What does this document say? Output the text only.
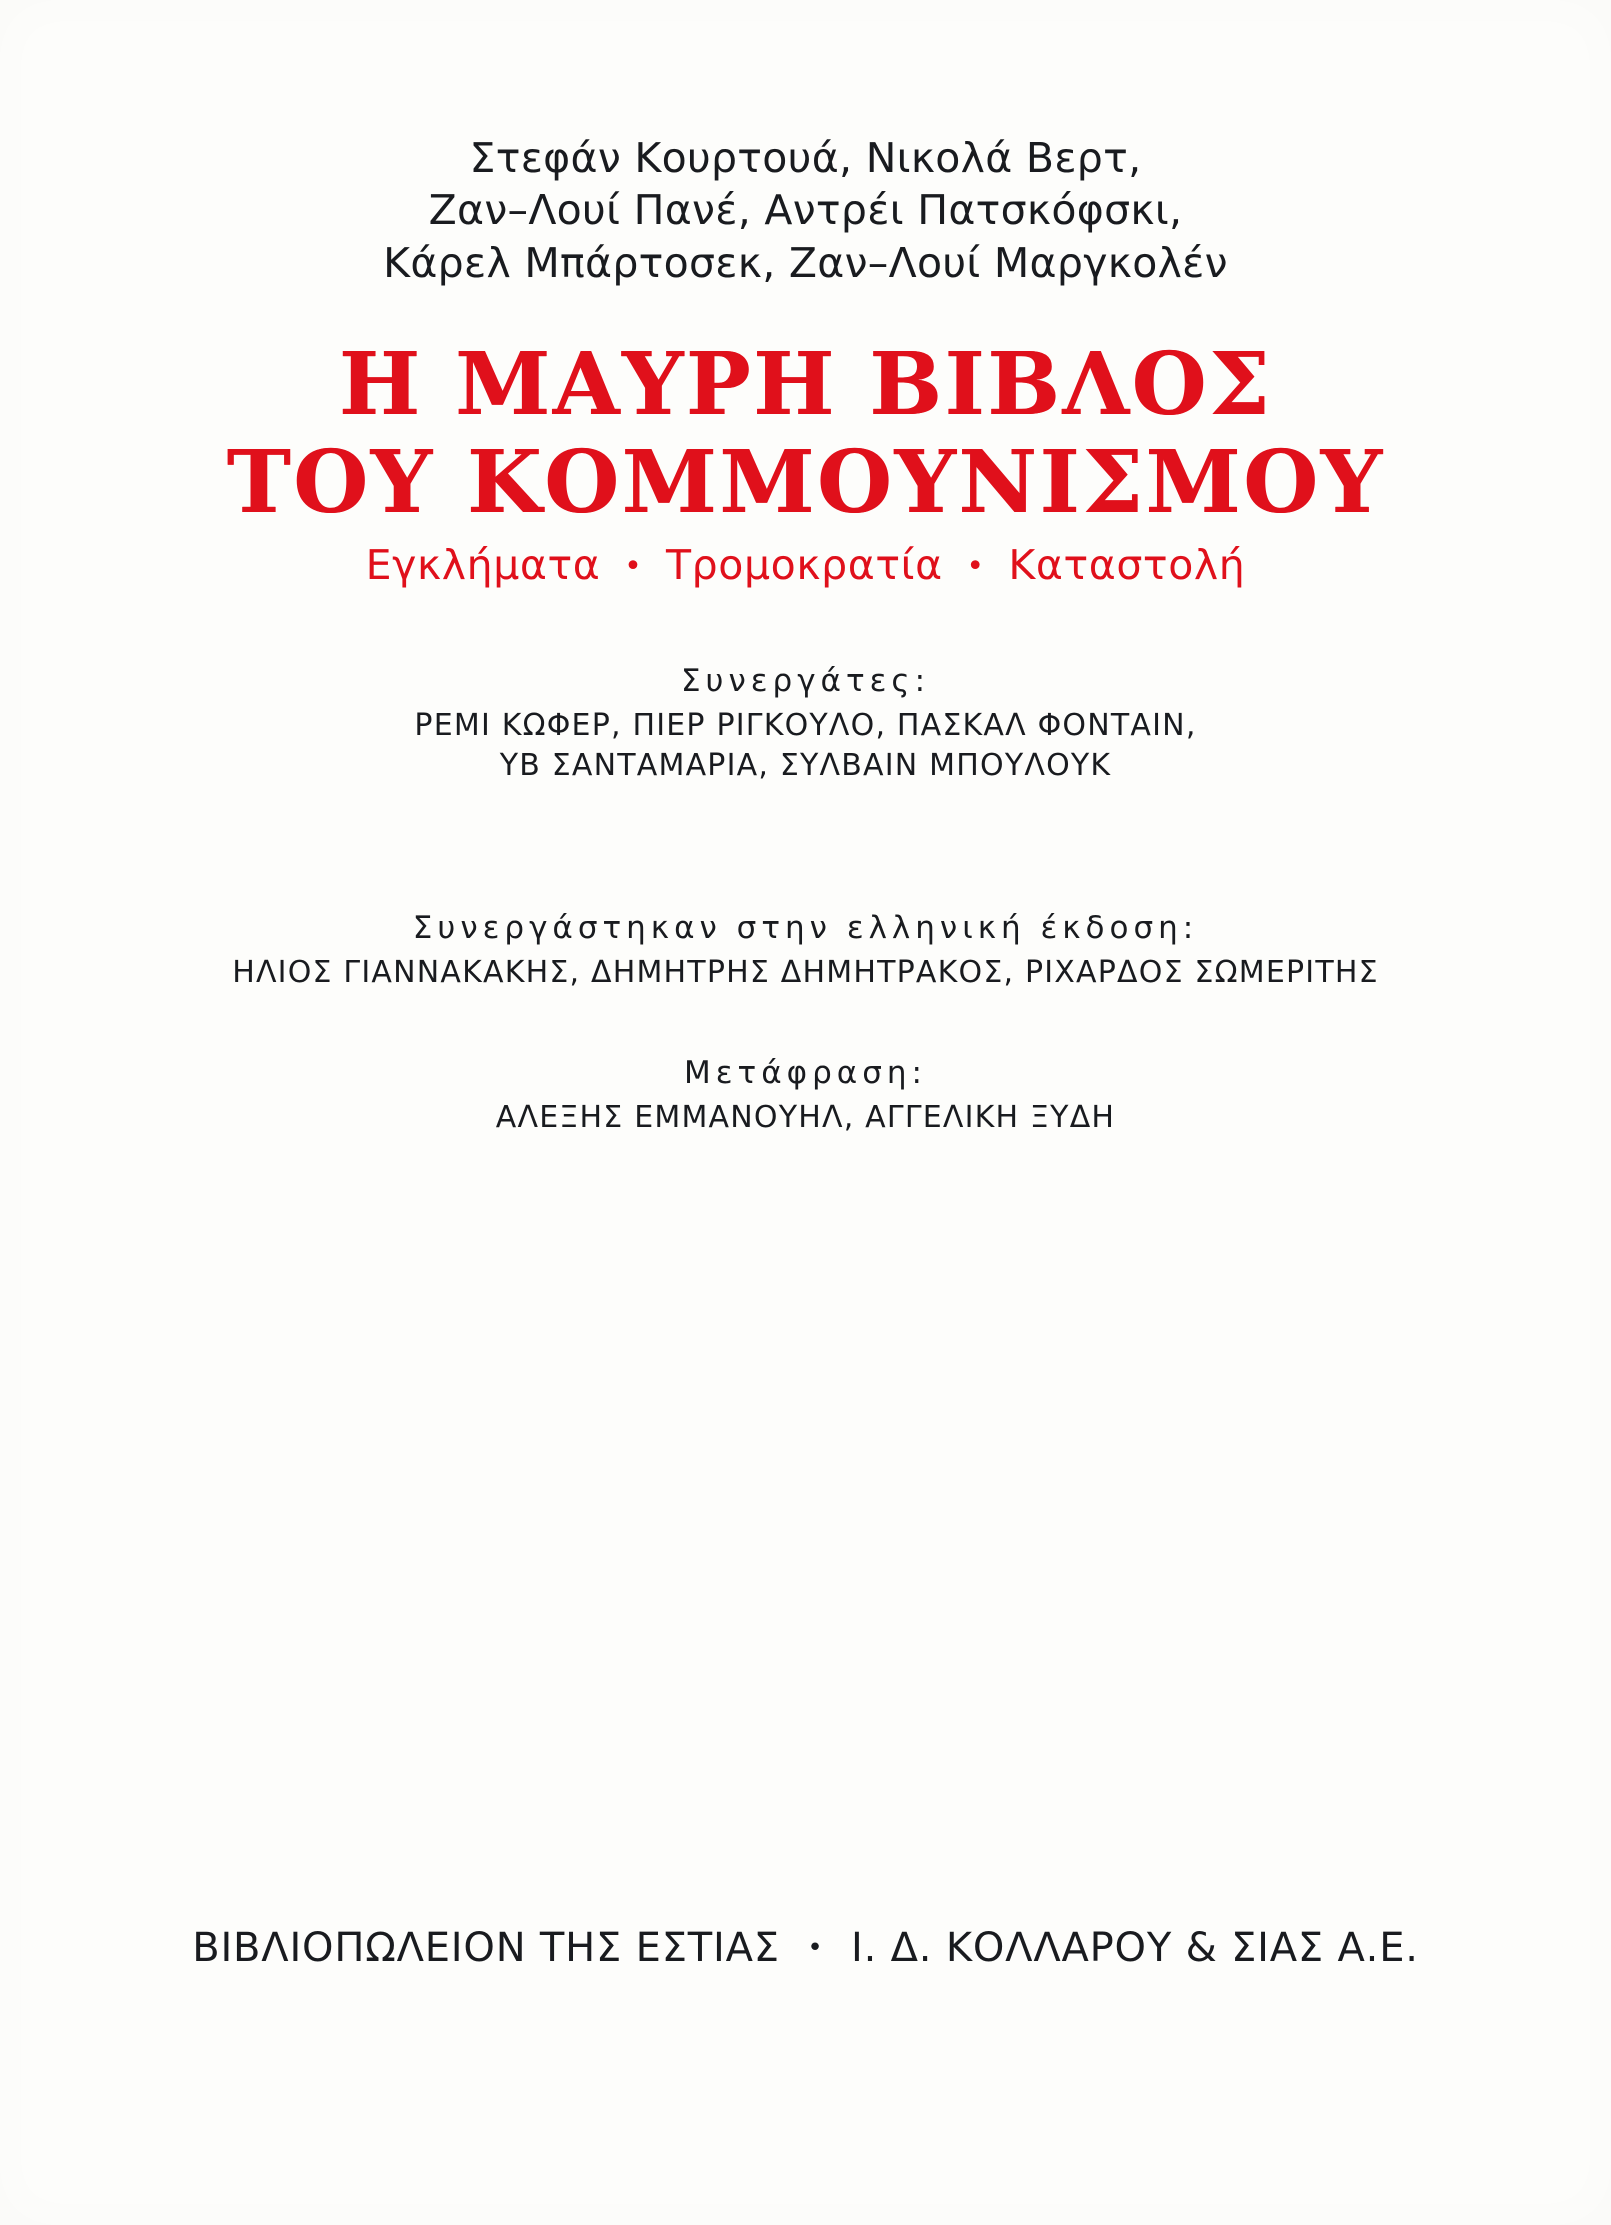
Στεφάν Κουρτουά, Νικολά Βερτ,
Ζαν–Λουί Πανέ, Αντρέι Πατσκόφσκι,
Κάρελ Μπάρτοσεκ, Ζαν–Λουί Μαργκολέν
Η ΜΑΥΡΗ ΒΙΒΛΟΣ
ΤΟΥ ΚΟΜΜΟΥΝΙΣΜΟΥ
Εγκλήματα • Τρομοκρατία • Καταστολή
Συνεργάτες:
ΡΕΜΙ ΚΩΦΕΡ, ΠΙΕΡ ΡΙΓΚΟΥΛΟ, ΠΑΣΚΑΛ ΦΟΝΤΑΙΝ,
ΥΒ ΣΑΝΤΑΜΑΡΙΑ, ΣΥΛΒΑΙΝ ΜΠΟΥΛΟΥΚ
Συνεργάστηκαν στην ελληνική έκδοση:
ΗΛΙΟΣ ΓΙΑΝΝΑΚΑΚΗΣ, ΔΗΜΗΤΡΗΣ ΔΗΜΗΤΡΑΚΟΣ, ΡΙΧΑΡΔΟΣ ΣΩΜΕΡΙΤΗΣ
Μετάφραση:
ΑΛΕΞΗΣ ΕΜΜΑΝΟΥΗΛ, ΑΓΓΕΛΙΚΗ ΞΥΔΗ
ΒΙΒΛΙΟΠΩΛΕΙΟΝ ΤΗΣ ΕΣΤΙΑΣ • Ι. Δ. ΚΟΛΛΑΡΟΥ & ΣΙΑΣ Α.Ε.
